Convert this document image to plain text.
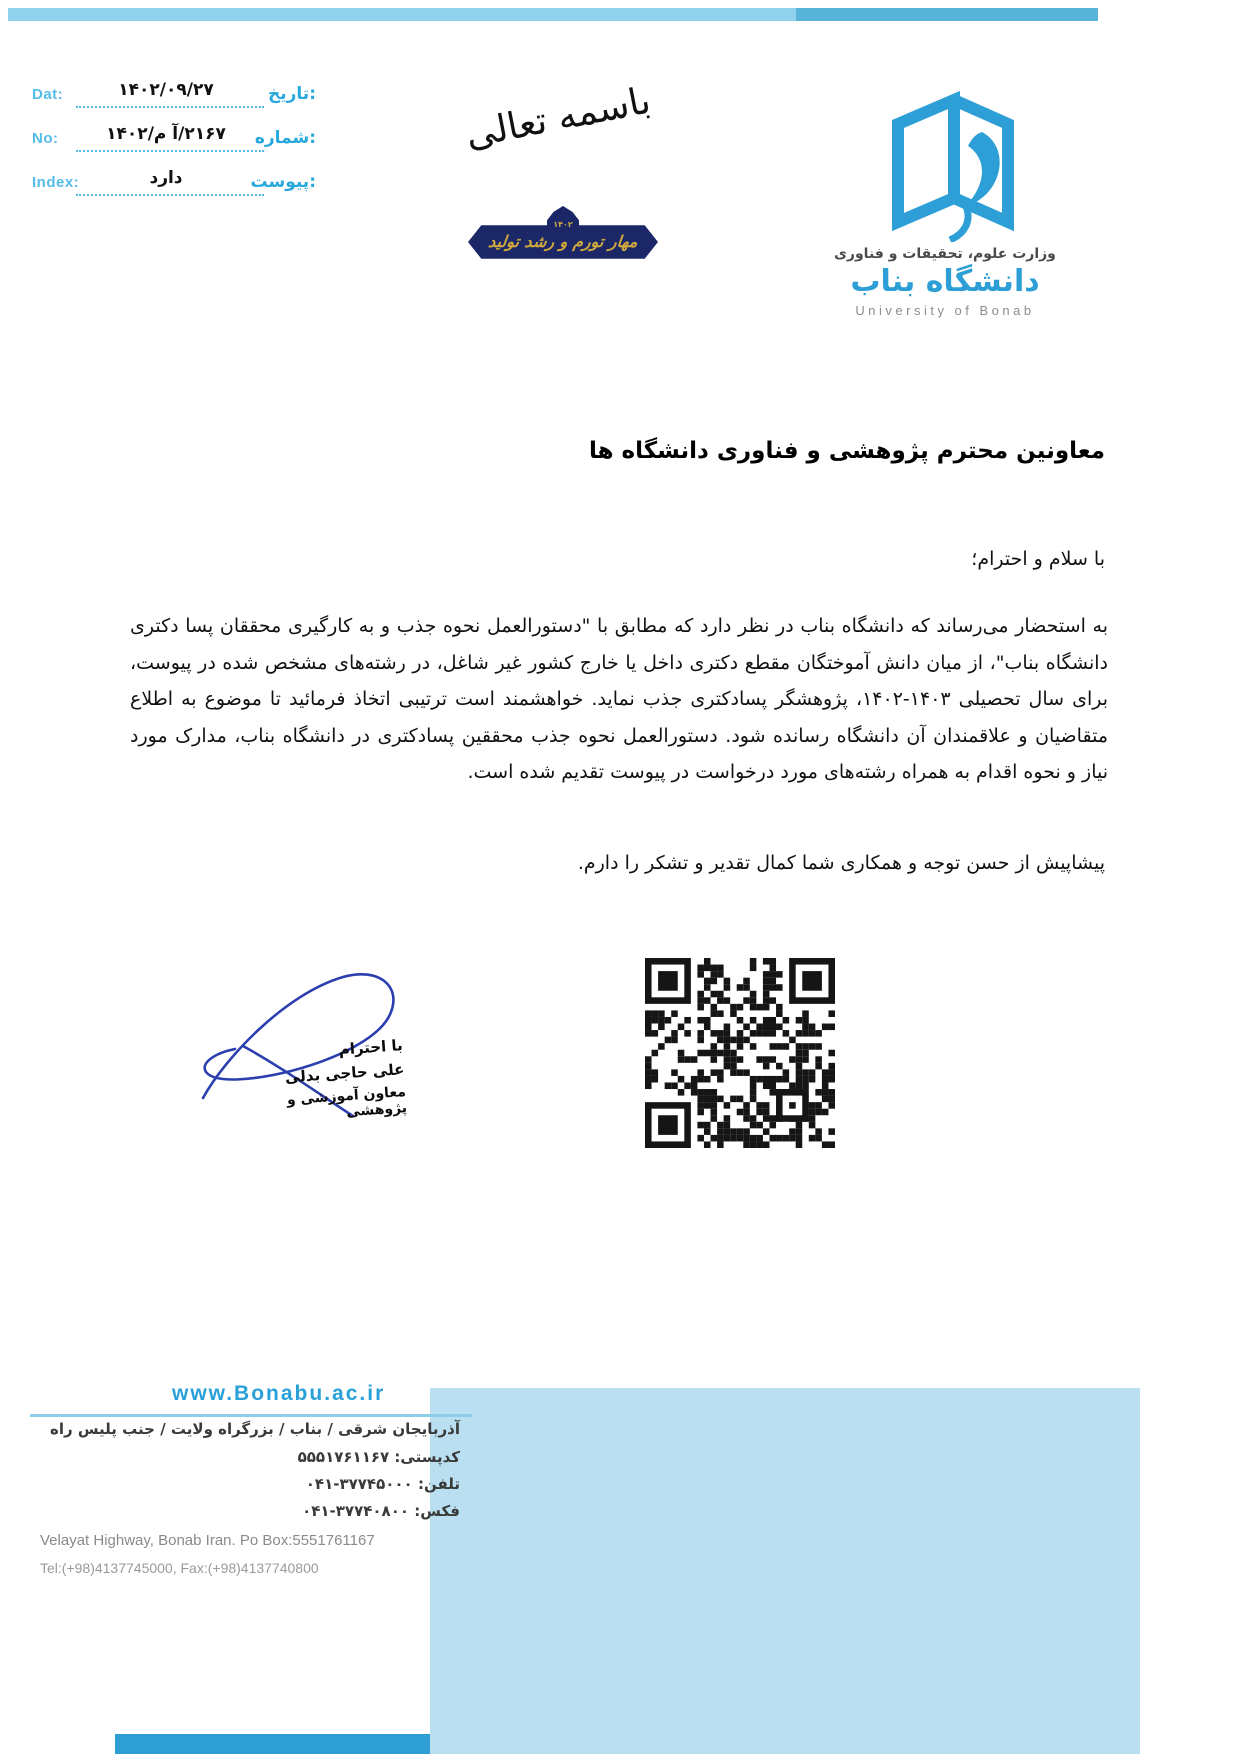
Dat:	۱۴۰۲/۰۹/۲۷	تاریخ:
No:	۲۱۶۷/آ م/۱۴۰۲	شماره:
Index:	دارد	پیوست:
باسمه تعالی
۱۴۰۲
مهار تورم و رشد تولید
وزارت علوم، تحقیقات و فناوری
دانشگاه بناب
University of Bonab
معاونین محترم پژوهشی و فناوری دانشگاه ها
با سلام و احترام؛
به استحضار می‌رساند که دانشگاه بناب در نظر دارد که مطابق با "دستورالعمل نحوه جذب و به کارگیری محققان پسا دکتری دانشگاه بناب"، از میان دانش آموختگان مقطع دکتری داخل یا خارج کشور غیر شاغل، در رشته‌های مشخص شده در پیوست، برای سال تحصیلی ۱۴۰۳-۱۴۰۲، پژوهشگر پسادکتری جذب نماید. خواهشمند است ترتیبی اتخاذ فرمائید تا موضوع به اطلاع متقاضیان و علاقمندان آن دانشگاه رسانده شود. دستورالعمل نحوه جذب محققین پسادکتری در دانشگاه بناب، مدارک مورد نیاز و نحوه اقدام به همراه رشته‌های مورد درخواست در پیوست تقدیم شده است.
پیشاپیش از حسن توجه و همکاری شما کمال تقدیر و تشکر را دارم.
با احترام
علی حاجی بدلی
معاون آموزشی و پژوهشی
www.Bonabu.ac.ir
آذربایجان شرقی / بناب / بزرگراه ولایت / جنب پلیس راه
کدپستی: ۵۵۵۱۷۶۱۱۶۷
تلفن: ۳۷۷۴۵۰۰۰-۰۴۱
فکس: ۳۷۷۴۰۸۰۰-۰۴۱
Velayat Highway, Bonab Iran. Po Box:5551761167
Tel:(+98)4137745000, Fax:(+98)4137740800
